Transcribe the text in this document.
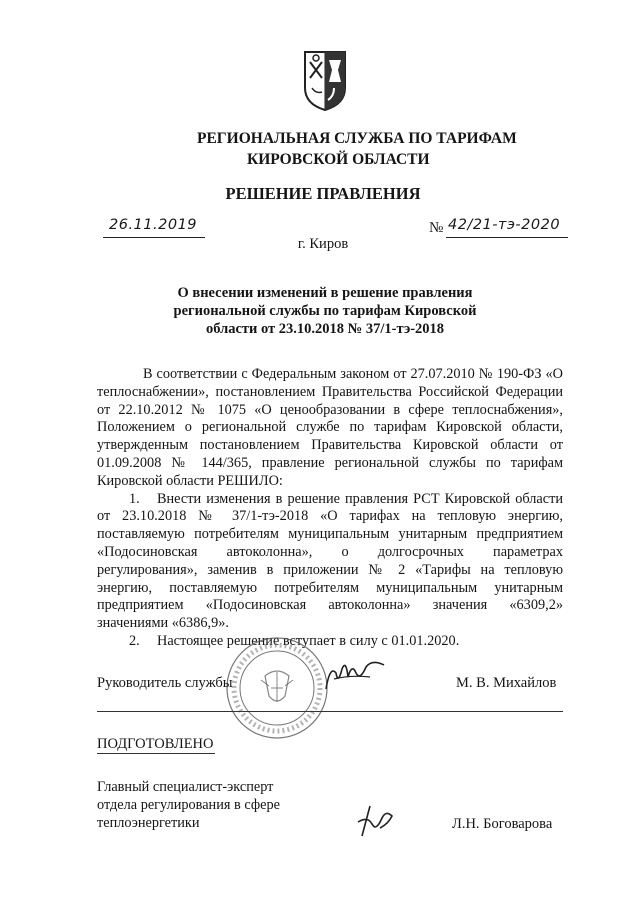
РЕГИОНАЛЬНАЯ СЛУЖБА ПО ТАРИФАМ
КИРОВСКОЙ ОБЛАСТИ
РЕШЕНИЕ ПРАВЛЕНИЯ
26.11.2019	№ 42/21-тэ-2020
г. Киров
О внесении изменений в решение правления
региональной службы по тарифам Кировской
области от 23.10.2018 № 37/1-тэ-2018

В соответствии с Федеральным законом от 27.07.2010 № 190-ФЗ «О теплоснабжении», постановлением Правительства Российской Федерации от 22.10.2012 № 1075 «О ценообразовании в сфере теплоснабжения», Положением о региональной службе по тарифам Кировской области, утвержденным постановлением Правительства Кировской области от 01.09.2008 № 144/365, правление региональной службы по тарифам Кировской области РЕШИЛО:

1. Внести изменения в решение правления РСТ Кировской области от 23.10.2018 № 37/1-тэ-2018 «О тарифах на тепловую энергию, поставляемую потребителям муниципальным унитарным предприятием «Подосиновская автоколонна», о долгосрочных параметрах регулирования», заменив в приложении № 2 «Тарифы на тепловую энергию, поставляемую потребителям муниципальным унитарным предприятием «Подосиновская автоколонна» значения «6309,2» значениями «6386,9».

2. Настоящее решение вступает в силу с 01.01.2020.

Руководитель службы	М. В. Михайлов
ПОДГОТОВЛЕНО
Главный специалист-эксперт
отдела регулирования в сфере
теплоэнергетики	Л.Н. Боговарова
